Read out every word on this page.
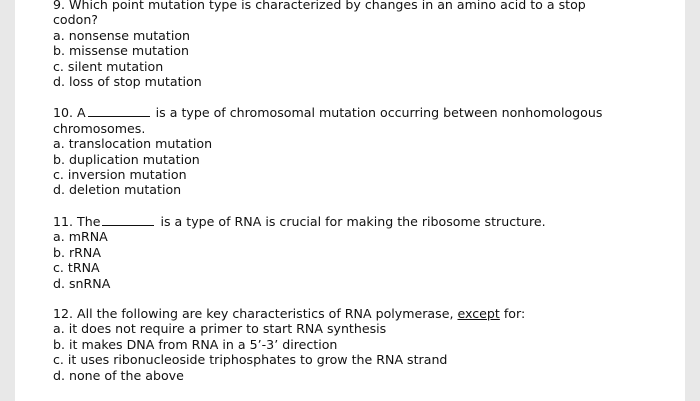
9. Which point mutation type is characterized by changes in an amino acid to a stop
codon?
a. nonsense mutation
b. missense mutation
c. silent mutation
d. loss of stop mutation
10. A	is a type of chromosomal mutation occurring between nonhomologous
chromosomes.
a. translocation mutation
b. duplication mutation
c. inversion mutation
d. deletion mutation
11. The	is a type of RNA is crucial for making the ribosome structure.
a. mRNA
b. rRNA
c. tRNA
d. snRNA
12. All the following are key characteristics of RNA polymerase, except for:
a. it does not require a primer to start RNA synthesis
b. it makes DNA from RNA in a 5’-3’ direction
c. it uses ribonucleoside triphosphates to grow the RNA strand
d. none of the above
